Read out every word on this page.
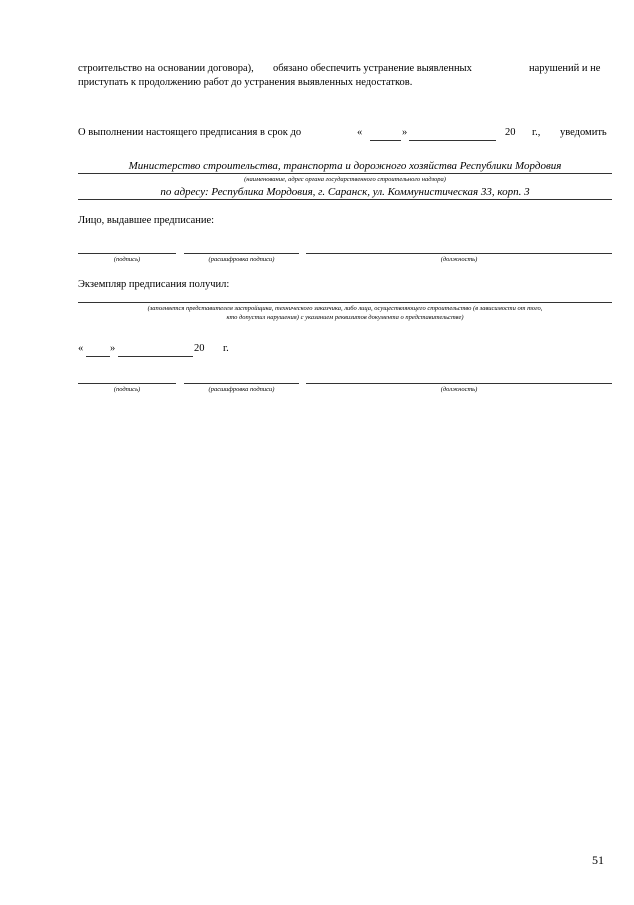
строительство на основании договора), обязано обеспечить устранение выявленных	нарушений и не
приступать к продолжению работ до устранения выявленных недостатков.
О выполнении настоящего предписания в срок до	«	»	20 г., уведомить
Министерство строительства, транспорта и дорожного хозяйства Республики Мордовия
(наименование, адрес органа государственного строительного надзора)
по адресу: Республика Мордовия, г. Саранск, ул. Коммунистическая 33, корп. 3
Лицо, выдавшее предписание:
(подпись)	(расшифровка подписи)	(должность)
Экземпляр предписания получил:
(заполняется представителем застройщика, технического заказчика, либо лица, осуществляющего строительство (в зависимости от того,
кто допустил нарушения) с указанием реквизитов документа о представительстве)
«	»	20 г.
(подпись)	(расшифровка подписи)	(должность)
51
